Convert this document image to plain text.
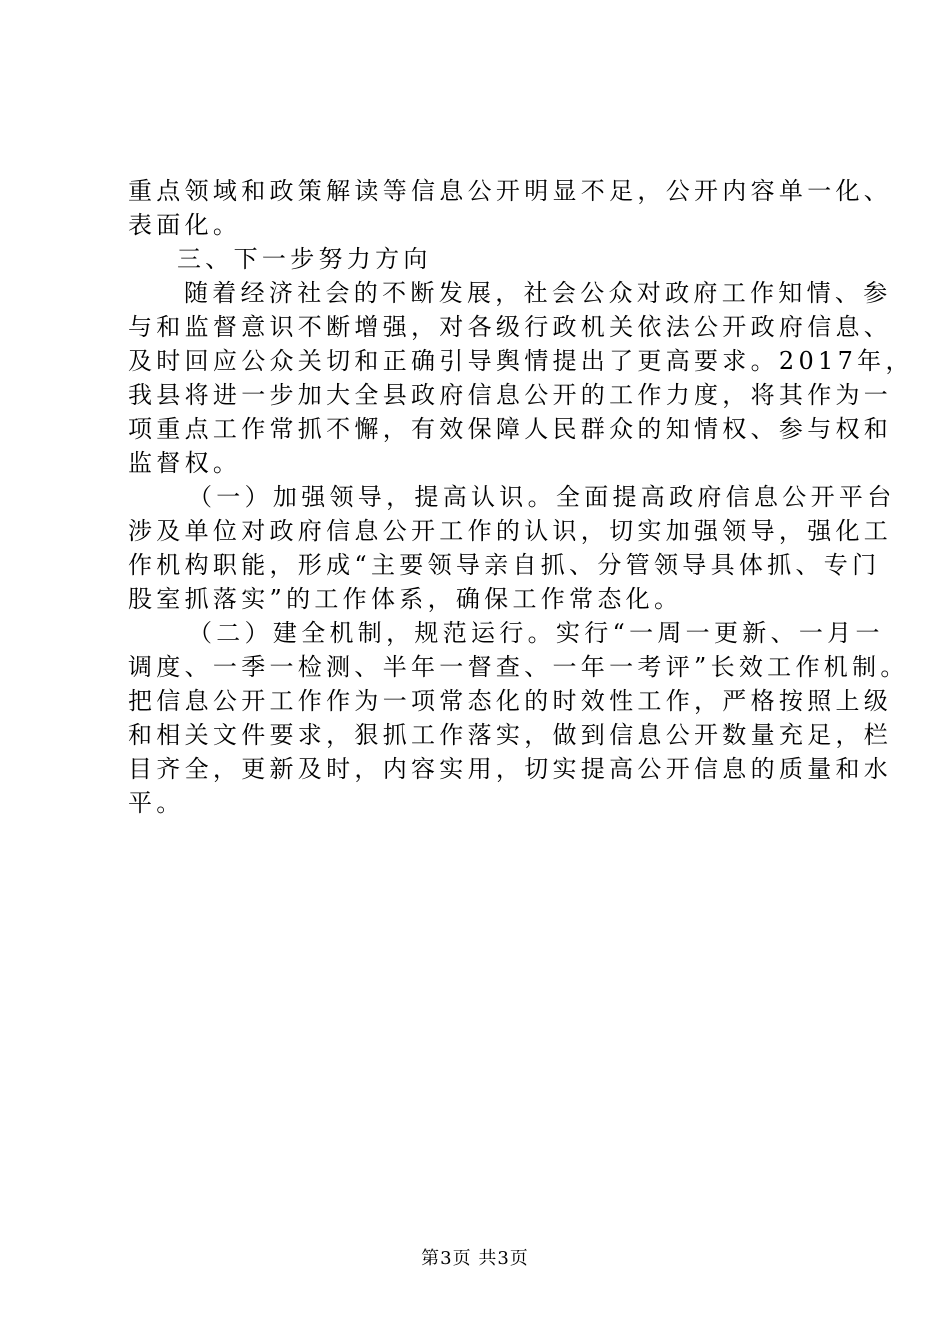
重点领域和政策解读等信息公开明显不足，公开内容单一化、
表面化。
三、下一步努力方向
随着经济社会的不断发展，社会公众对政府工作知情、参
与和监督意识不断增强，对各级行政机关依法公开政府信息、
及时回应公众关切和正确引导舆情提出了更高要求。2017年，
我县将进一步加大全县政府信息公开的工作力度，将其作为一
项重点工作常抓不懈，有效保障人民群众的知情权、参与权和
监督权。
（一）加强领导，提高认识。全面提高政府信息公开平台
涉及单位对政府信息公开工作的认识，切实加强领导，强化工
作机构职能，形成“主要领导亲自抓、分管领导具体抓、专门
股室抓落实”的工作体系，确保工作常态化。
（二）建全机制，规范运行。实行“一周一更新、一月一
调度、一季一检测、半年一督查、一年一考评”长效工作机制。
把信息公开工作作为一项常态化的时效性工作，严格按照上级
和相关文件要求，狠抓工作落实，做到信息公开数量充足，栏
目齐全，更新及时，内容实用，切实提高公开信息的质量和水
平。
第3页 共3页
